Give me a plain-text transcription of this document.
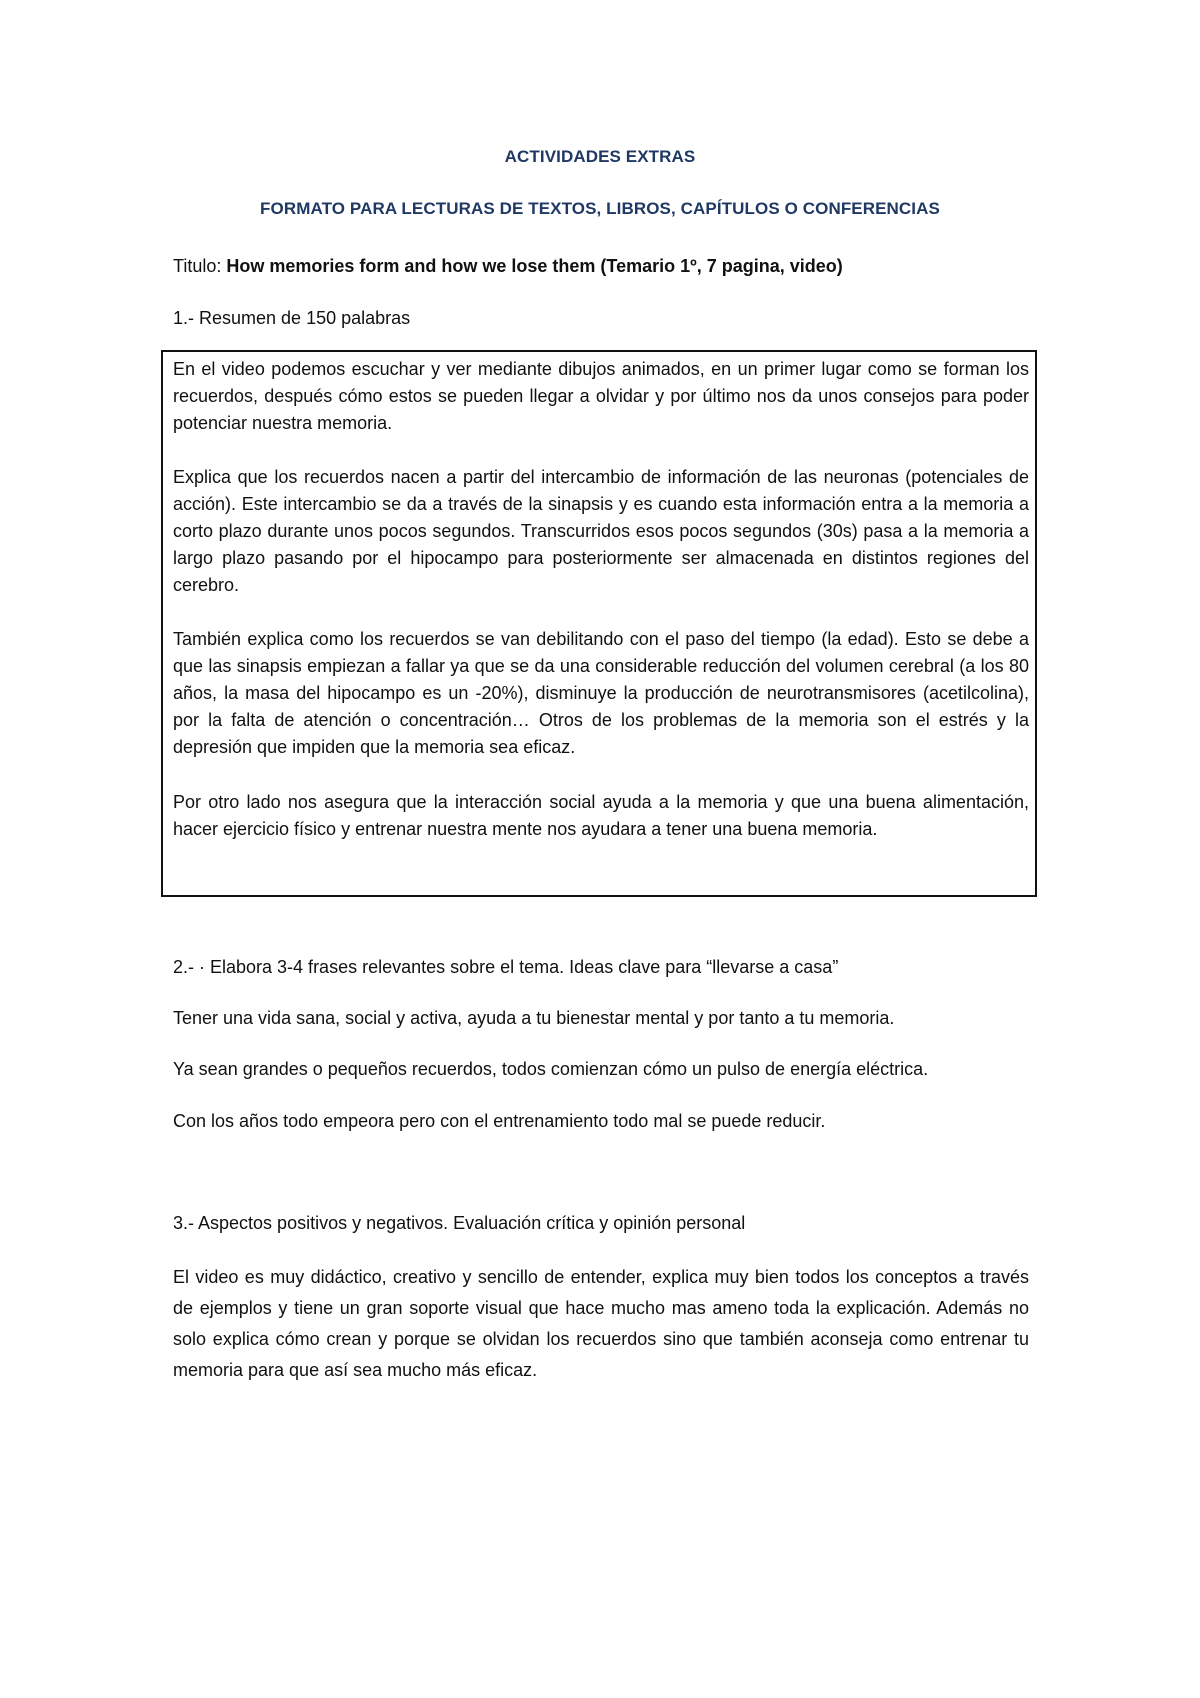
ACTIVIDADES EXTRAS
FORMATO PARA LECTURAS DE TEXTOS, LIBROS, CAPÍTULOS O CONFERENCIAS
Titulo: How memories form and how we lose them (Temario 1º, 7 pagina, video)
1.- Resumen de 150 palabras

En el video podemos escuchar y ver mediante dibujos animados, en un primer lugar como se forman los recuerdos, después cómo estos se pueden llegar a olvidar y por último nos da unos consejos para poder potenciar nuestra memoria.

Explica que los recuerdos nacen a partir del intercambio de información de las neuronas (potenciales de acción). Este intercambio se da a través de la sinapsis y es cuando esta información entra a la memoria a corto plazo durante unos pocos segundos. Transcurridos esos pocos segundos (30s) pasa a la memoria a largo plazo pasando por el hipocampo para posteriormente ser almacenada en distintos regiones del cerebro.

También explica como los recuerdos se van debilitando con el paso del tiempo (la edad). Esto se debe a que las sinapsis empiezan a fallar ya que se da una considerable reducción del volumen cerebral (a los 80 años, la masa del hipocampo es un -20%), disminuye la producción de neurotransmisores (acetilcolina), por la falta de atención o concentración… Otros de los problemas de la memoria son el estrés y la depresión que impiden que la memoria sea eficaz.

Por otro lado nos asegura que la interacción social ayuda a la memoria y que una buena alimentación, hacer ejercicio físico y entrenar nuestra mente nos ayudara a tener una buena memoria.

2.- · Elabora 3-4 frases relevantes sobre el tema. Ideas clave para “llevarse a casa”
Tener una vida sana, social y activa, ayuda a tu bienestar mental y por tanto a tu memoria.
Ya sean grandes o pequeños recuerdos, todos comienzan cómo un pulso de energía eléctrica.
Con los años todo empeora pero con el entrenamiento todo mal se puede reducir.
3.- Aspectos positivos y negativos. Evaluación crítica y opinión personal

El video es muy didáctico, creativo y sencillo de entender, explica muy bien todos los conceptos a través de ejemplos y tiene un gran soporte visual que hace mucho mas ameno toda la explicación. Además no solo explica cómo crean y porque se olvidan los recuerdos sino que también aconseja como entrenar tu memoria para que así sea mucho más eficaz.
